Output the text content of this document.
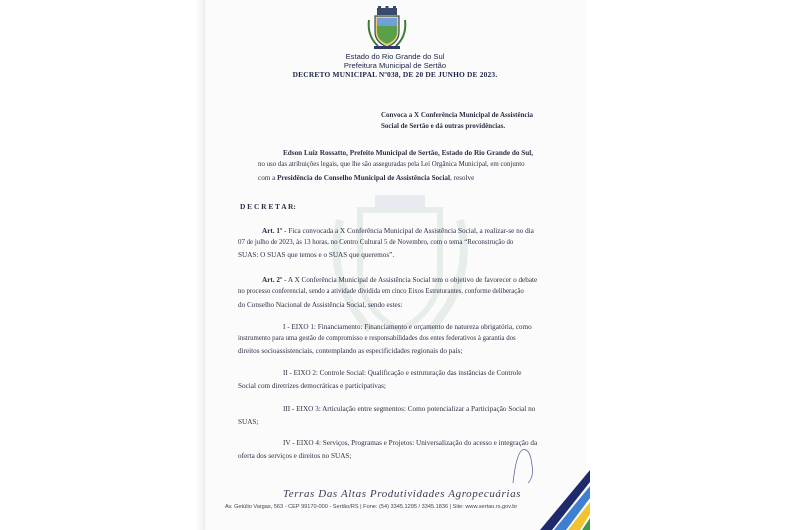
Estado do Rio Grande do Sul
Prefeitura Municipal de Sertão
DECRETO MUNICIPAL Nº038, DE 20 DE JUNHO DE 2023.
Convoca a X Conferência Municipal de Assistência
Social de Sertão e dá outras providências.
Edson Luiz Rossatto, Prefeito Municipal de Sertão, Estado do Rio Grande do Sul,
no uso das atribuições legais, que lhe são asseguradas pela Lei Orgânica Municipal, em conjunto
com a Presidência do Conselho Municipal de Assistência Social, resolve
D E C R E T A R:
Art. 1º - Fica convocada a X Conferência Municipal de Assistência Social, a realizar-se no dia
07 de julho de 2023, às 13 horas, no Centro Cultural 5 de Novembro, com o tema “Reconstrução do
SUAS: O SUAS que temos e o SUAS que queremos”.
Art. 2º - A X Conferência Municipal de Assistência Social tem o objetivo de favorecer o debate
no processo conferencial, sendo a atividade dividida em cinco Eixos Estruturantes, conforme deliberação
do Conselho Nacional de Assistência Social, sendo estes:
I - EIXO 1: Financiamento: Financiamento e orçamento de natureza obrigatória, como
instrumento para uma gestão de compromisso e responsabilidades dos entes federativos à garantia dos
direitos socioassistenciais, contemplando as especificidades regionais do país;
II - EIXO 2: Controle Social: Qualificação e estruturação das instâncias de Controle
Social com diretrizes democráticas e participativas;
III - EIXO 3: Articulação entre segmentos: Como potencializar a Participação Social no
SUAS;
IV - EIXO 4: Serviços, Programas e Projetos: Universalização do acesso e integração da
oferta dos serviços e direitos no SUAS;
Terras Das Altas Produtividades Agropecuárias
Av. Getúlio Vargas, 563 - CEP 99170-000 - Sertão/RS | Fone: (54) 3345.1295 / 3345.1836 | Site: www.sertao.rs.gov.br
